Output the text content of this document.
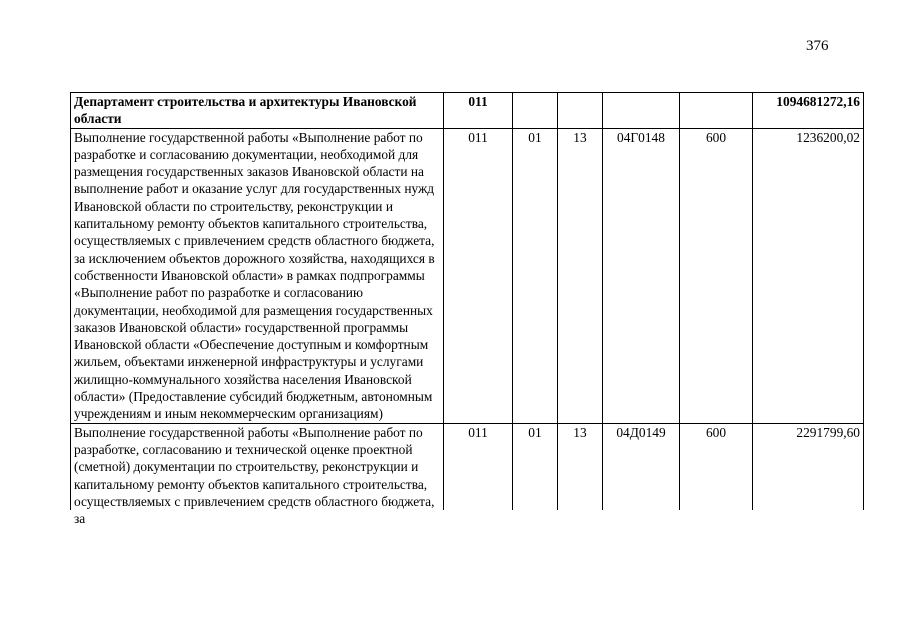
376
Департамент строительства и архитектуры Ивановской области	011					1094681272,16
Выполнение государственной работы «Выполнение работ по разработке и согласованию документации, необходимой для размещения государственных заказов Ивановской области на выполнение работ и оказание услуг для государственных нужд Ивановской области по строительству, реконструкции и капитальному ремонту объектов капитального строительства, осуществляемых с привлечением средств областного бюджета, за исключением объектов дорожного хозяйства, находящихся в собственности Ивановской области» в рамках подпрограммы «Выполнение работ по разработке и согласованию документации, необходимой для размещения государственных заказов Ивановской области» государственной программы Ивановской области «Обеспечение доступным и комфортным жильем, объектами инженерной инфраструктуры и услугами жилищно-коммунального хозяйства населения Ивановской области» (Предоставление субсидий бюджетным, автономным учреждениям и иным некоммерческим организациям)	011	01	13	04Г0148	600	1236200,02

Выполнение государственной работы «Выполнение работ по разработке, согласованию и технической оценке проектной (сметной) документации по строительству, реконструкции и капитальному ремонту объектов капитального строительства, осуществляемых с привлечением средств областного бюджета, за	011	01	13	04Д0149	600	2291799,60
